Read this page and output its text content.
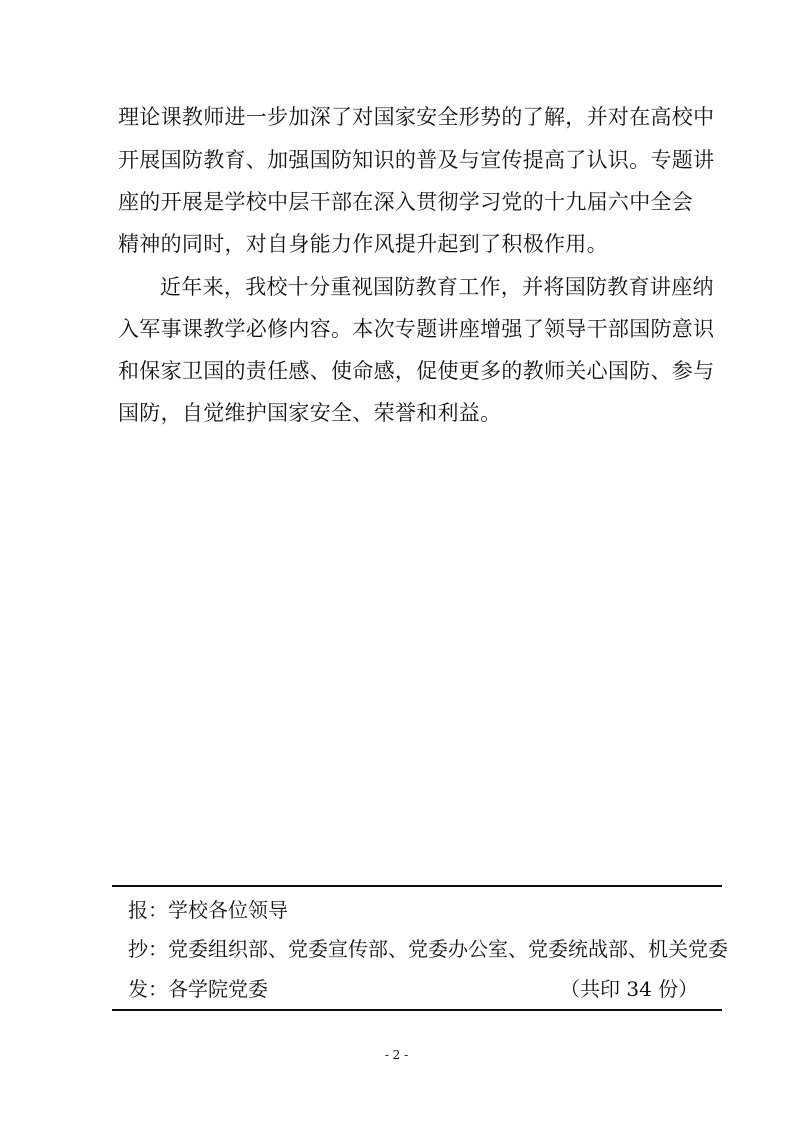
理论课教师进一步加深了对国家安全形势的了解，并对在高校中
开展国防教育、加强国防知识的普及与宣传提高了认识。专题讲
座的开展是学校中层干部在深入贯彻学习党的十九届六中全会
精神的同时，对自身能力作风提升起到了积极作用。
近年来，我校十分重视国防教育工作，并将国防教育讲座纳
入军事课教学必修内容。本次专题讲座增强了领导干部国防意识
和保家卫国的责任感、使命感，促使更多的教师关心国防、参与
国防，自觉维护国家安全、荣誉和利益。
报：学校各位领导
抄：党委组织部、党委宣传部、党委办公室、党委统战部、机关党委
发：各学院党委	（共印 34 份）
- 2 -
